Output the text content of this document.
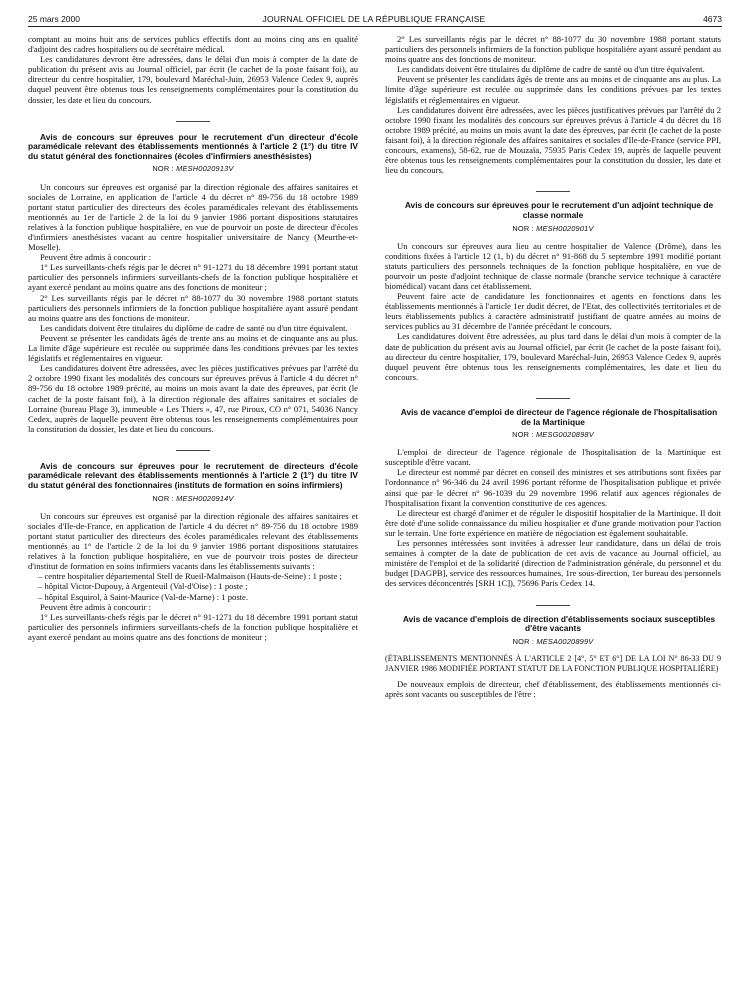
25 mars 2000	JOURNAL OFFICIEL DE LA RÉPUBLIQUE FRANÇAISE	4673

comptant au moins huit ans de services publics effectifs dont au moins cinq ans en qualité d'adjoint des cadres hospitaliers ou de secrétaire médical.

Les candidatures devront être adressées, dans le délai d'un mois à compter de la date de publication du présent avis au Journal officiel, par écrit (le cachet de la poste faisant foi), au directeur du centre hospitalier, 179, boulevard Maréchal-Juin, 26953 Valence Cedex 9, auprès duquel peuvent être obtenus tous les renseignements complémentaires pour la constitution du dossier, les date et lieu du concours.

Avis de concours sur épreuves pour le recrutement d'un directeur d'école paramédicale relevant des établissements mentionnés à l'article 2 (1°) du titre IV du statut général des fonctionnaires (écoles d'infirmiers anesthésistes)

NOR : MESH0020913V

Un concours sur épreuves est organisé par la direction régionale des affaires sanitaires et sociales de Lorraine, en application de l'article 4 du décret n° 89-756 du 18 octobre 1989 portant statut particulier des directeurs des écoles paramédicales relevant des établissements mentionnés au 1er de l'article 2 de la loi du 9 janvier 1986 portant dispositions statutaires relatives à la fonction publique hospitalière, en vue de pourvoir un poste de directeur d'écoles d'infirmiers anesthésistes vacant au centre hospitalier universitaire de Nancy (Meurthe-et-Moselle).

Peuvent être admis à concourir :

1° Les surveillants-chefs régis par le décret n° 91-1271 du 18 décembre 1991 portant statut particulier des personnels infirmiers surveillants-chefs de la fonction publique hospitalière et ayant exercé pendant au moins quatre ans des fonctions de moniteur ;

2° Les surveillants régis par le décret n° 88-1077 du 30 novembre 1988 portant statuts particuliers des personnels infirmiers de la fonction publique hospitalière ayant assuré pendant au moins quatre ans des fonctions de moniteur.

Les candidats doivent être titulaires du diplôme de cadre de santé ou d'un titre équivalent.

Peuvent se présenter les candidats âgés de trente ans au moins et de cinquante ans au plus. La limite d'âge supérieure est reculée ou supprimée dans les conditions prévues par les textes législatifs et réglementaires en vigueur.

Les candidatures doivent être adressées, avec les pièces justificatives prévues par l'arrêté du 2 octobre 1990 fixant les modalités des concours sur épreuves prévus à l'article 4 du décret n° 89-756 du 18 octobre 1989 précité, au moins un mois avant la date des épreuves, par écrit (le cachet de la poste faisant foi), à la direction régionale des affaires sanitaires et sociales de Lorraine (bureau Plage 3), immeuble « Les Thiers », 47, rue Piroux, CO n° 071, 54036 Nancy Cedex, auprès de laquelle peuvent être obtenus tous les renseignements complémentaires pour la constitution du dossier, les date et lieu du concours.

Avis de concours sur épreuves pour le recrutement de directeurs d'école paramédicale relevant des établissements mentionnés à l'article 2 (1°) du titre IV du statut général des fonctionnaires (instituts de formation en soins infirmiers)

NOR : MESH0020914V

Un concours sur épreuves est organisé par la direction régionale des affaires sanitaires et sociales d'Ile-de-France, en application de l'article 4 du décret n° 89-756 du 18 octobre 1989 portant statut particulier des directeurs des écoles paramédicales relevant des établissements mentionnés au 1° de l'article 2 de la loi du 9 janvier 1986 portant dispositions statutaires relatives à la fonction publique hospitalière, en vue de pourvoir trois postes de directeur d'institut de formation en soins infirmiers vacants dans les établissements suivants :

– centre hospitalier départemental Stell de Rueil-Malmaison (Hauts-de-Seine) : 1 poste ;

– hôpital Victor-Dupouy, à Argenteuil (Val-d'Oise) : 1 poste ;

– hôpital Esquirol, à Saint-Maurice (Val-de-Marne) : 1 poste.

Peuvent être admis à concourir :

1° Les surveillants-chefs régis par le décret n° 91-1271 du 18 décembre 1991 portant statut particulier des personnels infirmiers surveillants-chefs de la fonction publique hospitalière et ayant exercé pendant au moins quatre ans des fonctions de moniteur ;

2° Les surveillants régis par le décret n° 88-1077 du 30 novembre 1988 portant statuts particuliers des personnels infirmiers de la fonction publique hospitalière ayant assuré pendant au moins quatre ans des fonctions de moniteur.

Les candidats doivent être titulaires du diplôme de cadre de santé ou d'un titre équivalent.

Peuvent se présenter les candidats âgés de trente ans au moins et de cinquante ans au plus. La limite d'âge supérieure est reculée ou supprimée dans les conditions prévues par les textes législatifs et réglementaires en vigueur.

Les candidatures doivent être adressées, avec les pièces justificatives prévues par l'arrêté du 2 octobre 1990 fixant les modalités des concours sur épreuves prévus à l'article 4 du décret du 18 octobre 1989 précité, au moins un mois avant la date des épreuves, par écrit (le cachet de la poste faisant foi), à la direction régionale des affaires sanitaires et sociales d'Ile-de-France (service PPI, concours, examens), 58-62, rue de Mouzaïa, 75935 Paris Cedex 19, auprès de laquelle peuvent être obtenus tous les renseignements complémentaires pour la constitution du dossier, les date et lieu du concours.

Avis de concours sur épreuves pour le recrutement d'un adjoint technique de classe normale

NOR : MESH0020901V

Un concours sur épreuves aura lieu au centre hospitalier de Valence (Drôme), dans les conditions fixées à l'article 12 (1, b) du décret n° 91-868 du 5 septembre 1991 modifié portant statuts particuliers des personnels techniques de la fonction publique hospitalière, en vue de pourvoir un poste d'adjoint technique de classe normale (branche service technique à caractère biomédical) vacant dans cet établissement.

Peuvent faire acte de candidature les fonctionnaires et agents en fonctions dans les établissements mentionnés à l'article 1er dudit décret, de l'Etat, des collectivités territoriales et de leurs établissements publics à caractère administratif justifiant de quatre années au moins de services publics au 31 décembre de l'année précédant le concours.

Les candidatures doivent être adressées, au plus tard dans le délai d'un mois à compter de la date de publication du présent avis au Journal officiel, par écrit (le cachet de la poste faisant foi), au directeur du centre hospitalier, 179, boulevard Maréchal-Juin, 26953 Valence Cedex 9, auprès duquel peuvent être obtenus tous les renseignements complémentaires, les date et lieu du concours.

Avis de vacance d'emploi de directeur de l'agence régionale de l'hospitalisation de la Martinique

NOR : MESG0020898V

L'emploi de directeur de l'agence régionale de l'hospitalisation de la Martinique est susceptible d'être vacant.

Le directeur est nommé par décret en conseil des ministres et ses attributions sont fixées par l'ordonnance n° 96-346 du 24 avril 1996 portant réforme de l'hospitalisation publique et privée ainsi que par le décret n° 96-1039 du 29 novembre 1996 relatif aux agences régionales de l'hospitalisation fixant la convention constitutive de ces agences.

Le directeur est chargé d'animer et de réguler le dispositif hospitalier de la Martinique. Il doit être doté d'une solide connaissance du milieu hospitalier et d'une grande motivation pour l'action sur le terrain. Une forte expérience en matière de négociation est également souhaitable.

Les personnes intéressées sont invitées à adresser leur candidature, dans un délai de trois semaines à compter de la date de publication de cet avis de vacance au Journal officiel, au ministère de l'emploi et de la solidarité (direction de l'administration générale, du personnel et du budget [DAGPB], service des ressources humaines, 1re sous-direction, 1er bureau des personnels des services déconcentrés [SRH 1C]), 75696 Paris Cedex 14.

Avis de vacance d'emplois de direction d'établissements sociaux susceptibles d'être vacants

NOR : MESA0020899V

(ÉTABLISSEMENTS MENTIONNÉS À L'ARTICLE 2 [4°, 5° ET 6°] DE LA LOI N° 86-33 DU 9 JANVIER 1986 MODIFIÉE PORTANT STATUT DE LA FONCTION PUBLIQUE HOSPITALIÈRE)

De nouveaux emplois de directeur, chef d'établissement, des établissements mentionnés ci-après sont vacants ou susceptibles de l'être :
